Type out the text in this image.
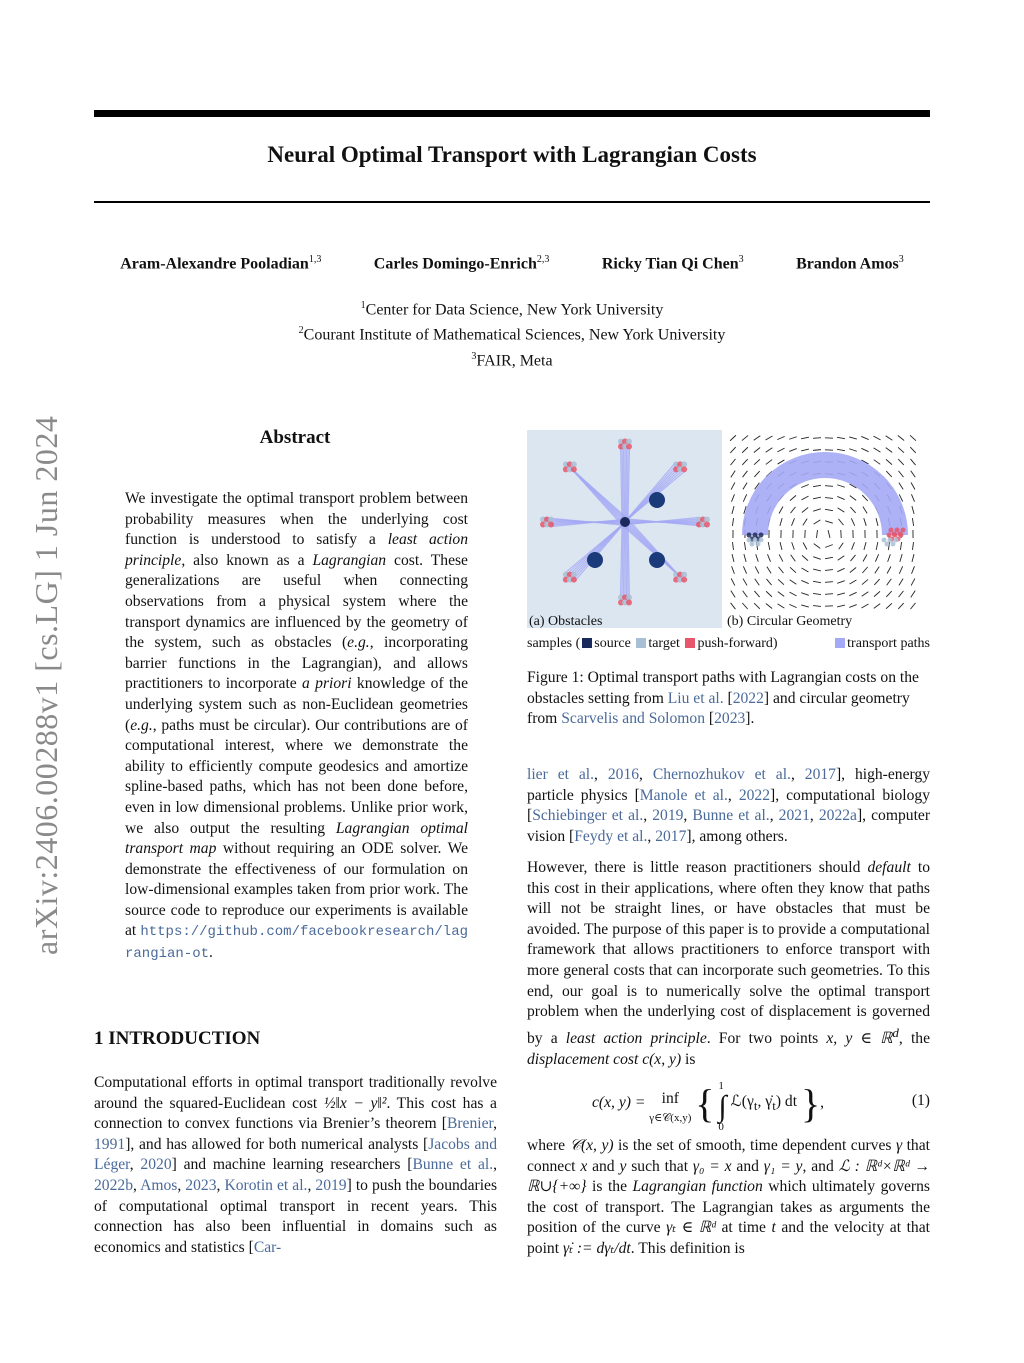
Neural Optimal Transport with Lagrangian Costs
Aram-Alexandre Pooladian$^{1,3}$	Carles Domingo-Enrich$^{2,3}$	Ricky Tian Qi Chen$^3$	Brandon Amos$^3$
$^1$Center for Data Science, New York University
$^2$Courant Institute of Mathematical Sciences, New York University
$^3$FAIR, Meta
arXiv:2406.00288v1 [cs.LG] 1 Jun 2024	Abstract
We investigate the optimal transport problem between probability measures when the underlying cost function is understood to satisfy a least action principle, also known as a Lagrangian cost. These generalizations are useful when connecting observations from a physical system where the transport dynamics are influenced by the geometry of the system, such as obstacles (e.g., incorporating barrier functions in the Lagrangian), and allows practitioners to incorporate a priori knowledge of the underlying system such as non-Euclidean geometries (e.g., paths must be circular). Our contributions are of computational interest, where we demonstrate the ability to efficiently compute geodesics and amortize spline-based paths, which has not been done before, even in low dimensional problems. Unlike prior work, we also output the resulting Lagrangian optimal transport map without requiring an ODE solver. We demonstrate the effectiveness of our formulation on low-dimensional examples taken from prior work. The source code to reproduce our experiments is available at https://github.com/facebookresearch/lagrangian-ot.
1 INTRODUCTION
Computational efforts in optimal transport traditionally revolve around the squared-Euclidean cost ½‖x − y‖². This cost has a connection to convex functions via Brenier’s theorem [Brenier, 1991], and has allowed for both numerical analysts [Jacobs and Léger, 2020] and machine learning researchers [Bunne et al., 2022b, Amos, 2023, Korotin et al., 2019] to push the boundaries of computational optimal transport in recent years. This connection has also been influential in domains such as economics and statistics [Car-
(a) Obstacles	(b) Circular Geometry
samples ( source target push-forward)	transport paths
Figure 1: Optimal transport paths with Lagrangian costs on the obstacles setting from Liu et al. [2022] and circular geometry from Scarvelis and Solomon [2023].
lier et al., 2016, Chernozhukov et al., 2017], high-energy particle physics [Manole et al., 2022], computational biology [Schiebinger et al., 2019, Bunne et al., 2021, 2022a], computer vision [Feydy et al., 2017], among others.
However, there is little reason practitioners should default to this cost in their applications, where often they know that paths will not be straight lines, or have obstacles that must be avoided. The purpose of this paper is to provide a computational framework that allows practitioners to enforce transport with more general costs that can incorporate such geometries. To this end, our goal is to numerically solve the optimal transport problem when the underlying cost of displacement is governed by a least action principle. For two points x, y ∈ ℝ$^d$, the displacement cost c(x, y) is
c(x, y) = inf
γ∈𝒞(x,y) { 1
∫
0 $ℒ(\gamma_t$, $\gammȧ_t$) dt },	(1)
where 𝒞(x, y) is the set of smooth, time dependent curves γ that connect x and y such that γ₀ = x and γ₁ = y, and ℒ : ℝᵈ×ℝᵈ → ℝ∪{+∞} is the Lagrangian function which ultimately governs the cost of transport. The Lagrangian takes as arguments the position of the curve γₜ ∈ ℝᵈ at time t and the velocity at that point γ̇ₜ := dγₜ/dt. This definition is
